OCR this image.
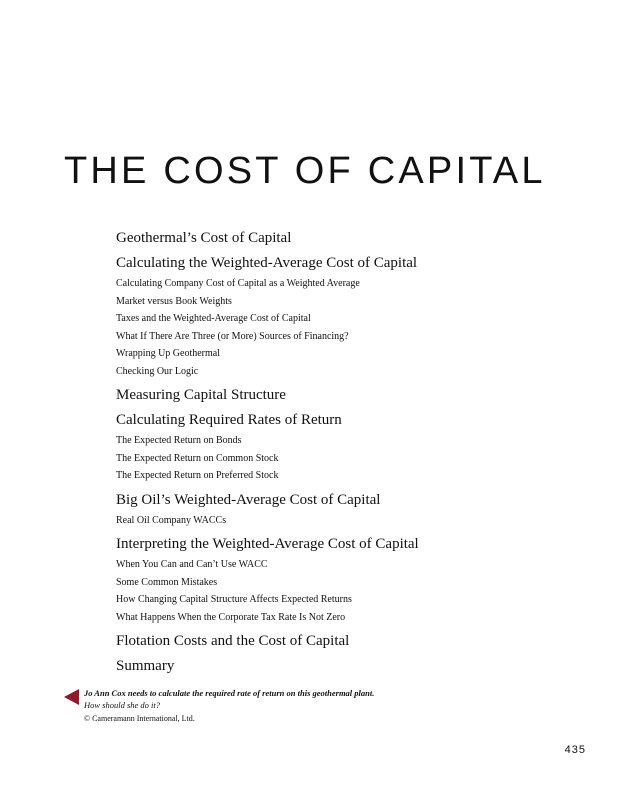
THE COST OF CAPITAL
Geothermal’s Cost of Capital
Calculating the Weighted-Average Cost of Capital
Calculating Company Cost of Capital as a Weighted Average
Market versus Book Weights
Taxes and the Weighted-Average Cost of Capital
What If There Are Three (or More) Sources of Financing?
Wrapping Up Geothermal
Checking Our Logic
Measuring Capital Structure
Calculating Required Rates of Return
The Expected Return on Bonds
The Expected Return on Common Stock
The Expected Return on Preferred Stock
Big Oil’s Weighted-Average Cost of Capital
Real Oil Company WACCs
Interpreting the Weighted-Average Cost of Capital
When You Can and Can’t Use WACC
Some Common Mistakes
How Changing Capital Structure Affects Expected Returns
What Happens When the Corporate Tax Rate Is Not Zero
Flotation Costs and the Cost of Capital
Summary
Jo Ann Cox needs to calculate the required rate of return on this geothermal plant.
How should she do it?
© Cameramann International, Ltd.
435
